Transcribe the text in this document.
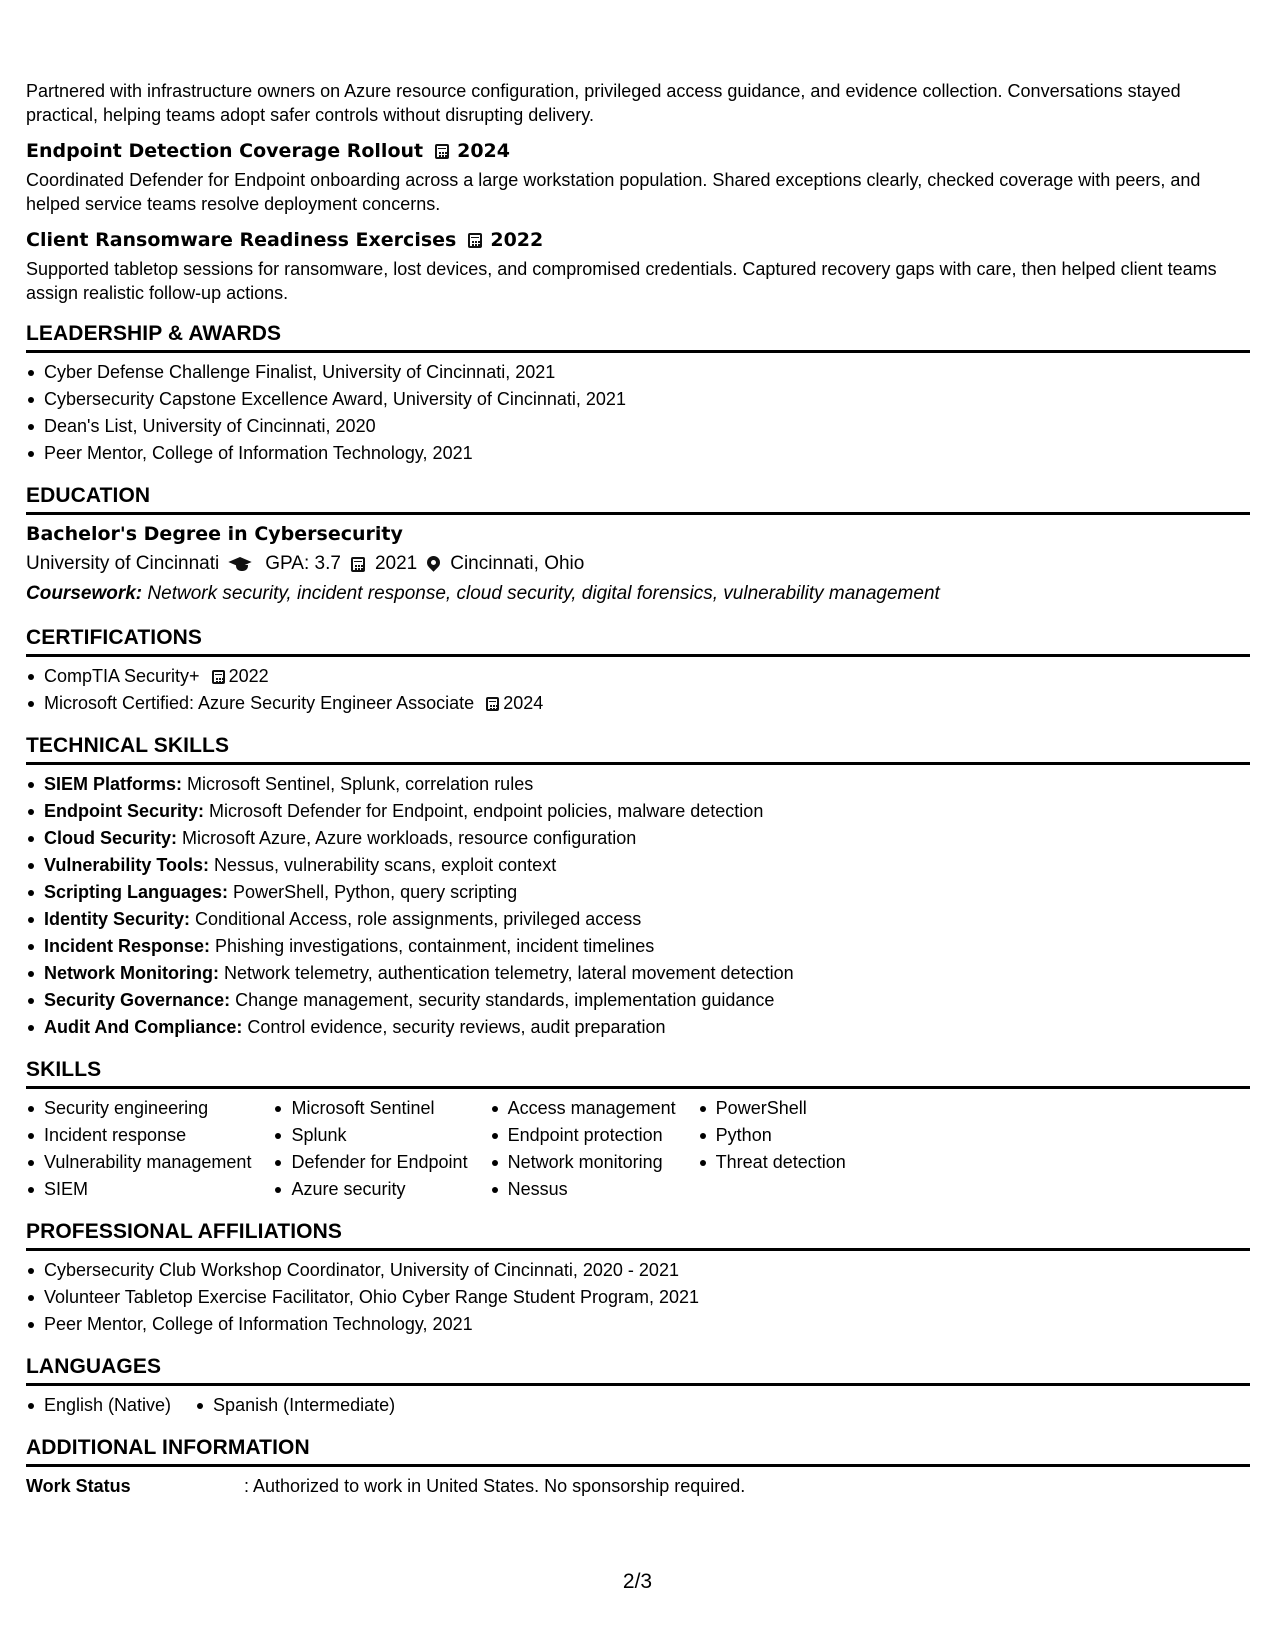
Partnered with infrastructure owners on Azure resource configuration, privileged access guidance, and evidence collection. Conversations stayed practical, helping teams adopt safer controls without disrupting delivery.

Endpoint Detection Coverage Rollout 2024

Coordinated Defender for Endpoint onboarding across a large workstation population. Shared exceptions clearly, checked coverage with peers, and helped service teams resolve deployment concerns.

Client Ransomware Readiness Exercises 2022

Supported tabletop sessions for ransomware, lost devices, and compromised credentials. Captured recovery gaps with care, then helped client teams assign realistic follow-up actions.

LEADERSHIP & AWARDS
Cyber Defense Challenge Finalist, University of Cincinnati, 2021
Cybersecurity Capstone Excellence Award, University of Cincinnati, 2021
Dean's List, University of Cincinnati, 2020
Peer Mentor, College of Information Technology, 2021
EDUCATION
Bachelor's Degree in Cybersecurity
University of Cincinnati GPA: 3.7 2021 Cincinnati, Ohio
Coursework: Network security, incident response, cloud security, digital forensics, vulnerability management
CERTIFICATIONS
CompTIA Security+ 2022
Microsoft Certified: Azure Security Engineer Associate 2024
TECHNICAL SKILLS
SIEM Platforms: Microsoft Sentinel, Splunk, correlation rules
Endpoint Security: Microsoft Defender for Endpoint, endpoint policies, malware detection
Cloud Security: Microsoft Azure, Azure workloads, resource configuration
Vulnerability Tools: Nessus, vulnerability scans, exploit context
Scripting Languages: PowerShell, Python, query scripting
Identity Security: Conditional Access, role assignments, privileged access
Incident Response: Phishing investigations, containment, incident timelines
Network Monitoring: Network telemetry, authentication telemetry, lateral movement detection
Security Governance: Change management, security standards, implementation guidance
Audit And Compliance: Control evidence, security reviews, audit preparation
SKILLS
Security engineering
Incident response
Vulnerability management
SIEM
Microsoft Sentinel
Splunk
Defender for Endpoint
Azure security
Access management
Endpoint protection
Network monitoring
Nessus
PowerShell
Python
Threat detection
PROFESSIONAL AFFILIATIONS
Cybersecurity Club Workshop Coordinator, University of Cincinnati, 2020 - 2021
Volunteer Tabletop Exercise Facilitator, Ohio Cyber Range Student Program, 2021
Peer Mentor, College of Information Technology, 2021
LANGUAGES
English (Native)	Spanish (Intermediate)
ADDITIONAL INFORMATION
Work Status	: Authorized to work in United States. No sponsorship required.
2/3
